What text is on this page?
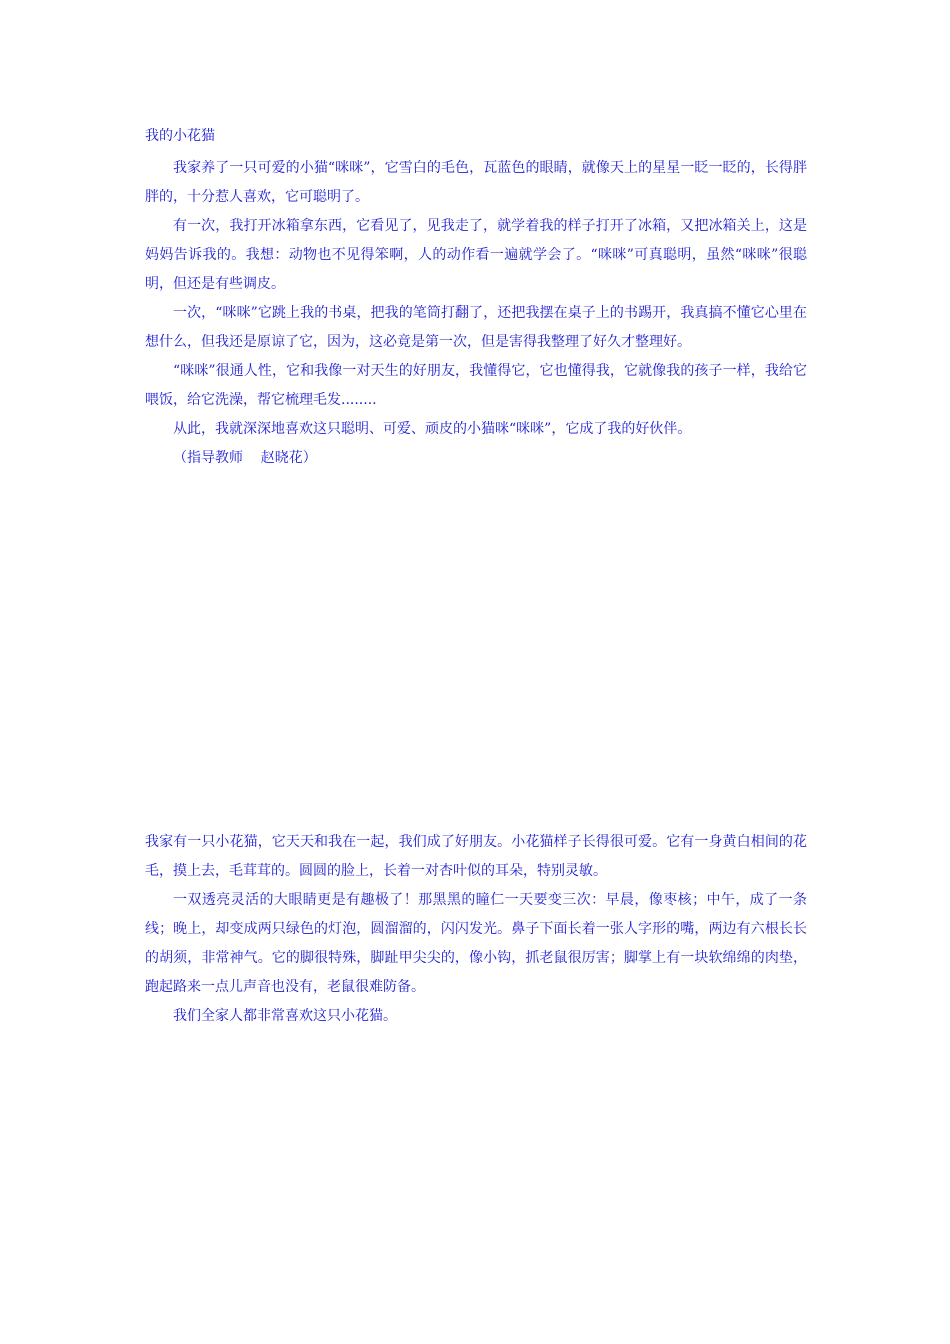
我的小花猫

我家养了一只可爱的小猫“咪咪”，它雪白的毛色，瓦蓝色的眼睛，就像天上的星星一眨一眨的，长得胖胖的，十分惹人喜欢，它可聪明了。

有一次，我打开冰箱拿东西，它看见了，见我走了，就学着我的样子打开了冰箱，又把冰箱关上，这是妈妈告诉我的。我想：动物也不见得笨啊，人的动作看一遍就学会了。“咪咪”可真聪明，虽然“咪咪”很聪明，但还是有些调皮。

一次，“咪咪”它跳上我的书桌，把我的笔筒打翻了，还把我摆在桌子上的书踢开，我真搞不懂它心里在想什么，但我还是原谅了它，因为，这必竟是第一次，但是害得我整理了好久才整理好。

“咪咪”很通人性，它和我像一对天生的好朋友，我懂得它，它也懂得我，它就像我的孩子一样，我给它喂饭，给它洗澡，帮它梳理毛发........

从此，我就深深地喜欢这只聪明、可爱、顽皮的小猫咪“咪咪”，它成了我的好伙伴。

（指导教师    赵晓花）

我家有一只小花猫，它天天和我在一起，我们成了好朋友。小花猫样子长得很可爱。它有一身黄白相间的花毛，摸上去，毛茸茸的。圆圆的脸上，长着一对杏叶似的耳朵，特别灵敏。

一双透亮灵活的大眼睛更是有趣极了！那黑黑的瞳仁一天要变三次：早晨，像枣核；中午，成了一条线；晚上，却变成两只绿色的灯泡，圆溜溜的，闪闪发光。鼻子下面长着一张人字形的嘴，两边有六根长长的胡须，非常神气。它的脚很特殊，脚趾甲尖尖的，像小钩，抓老鼠很厉害；脚掌上有一块软绵绵的肉垫，跑起路来一点儿声音也没有，老鼠很难防备。

我们全家人都非常喜欢这只小花猫。
